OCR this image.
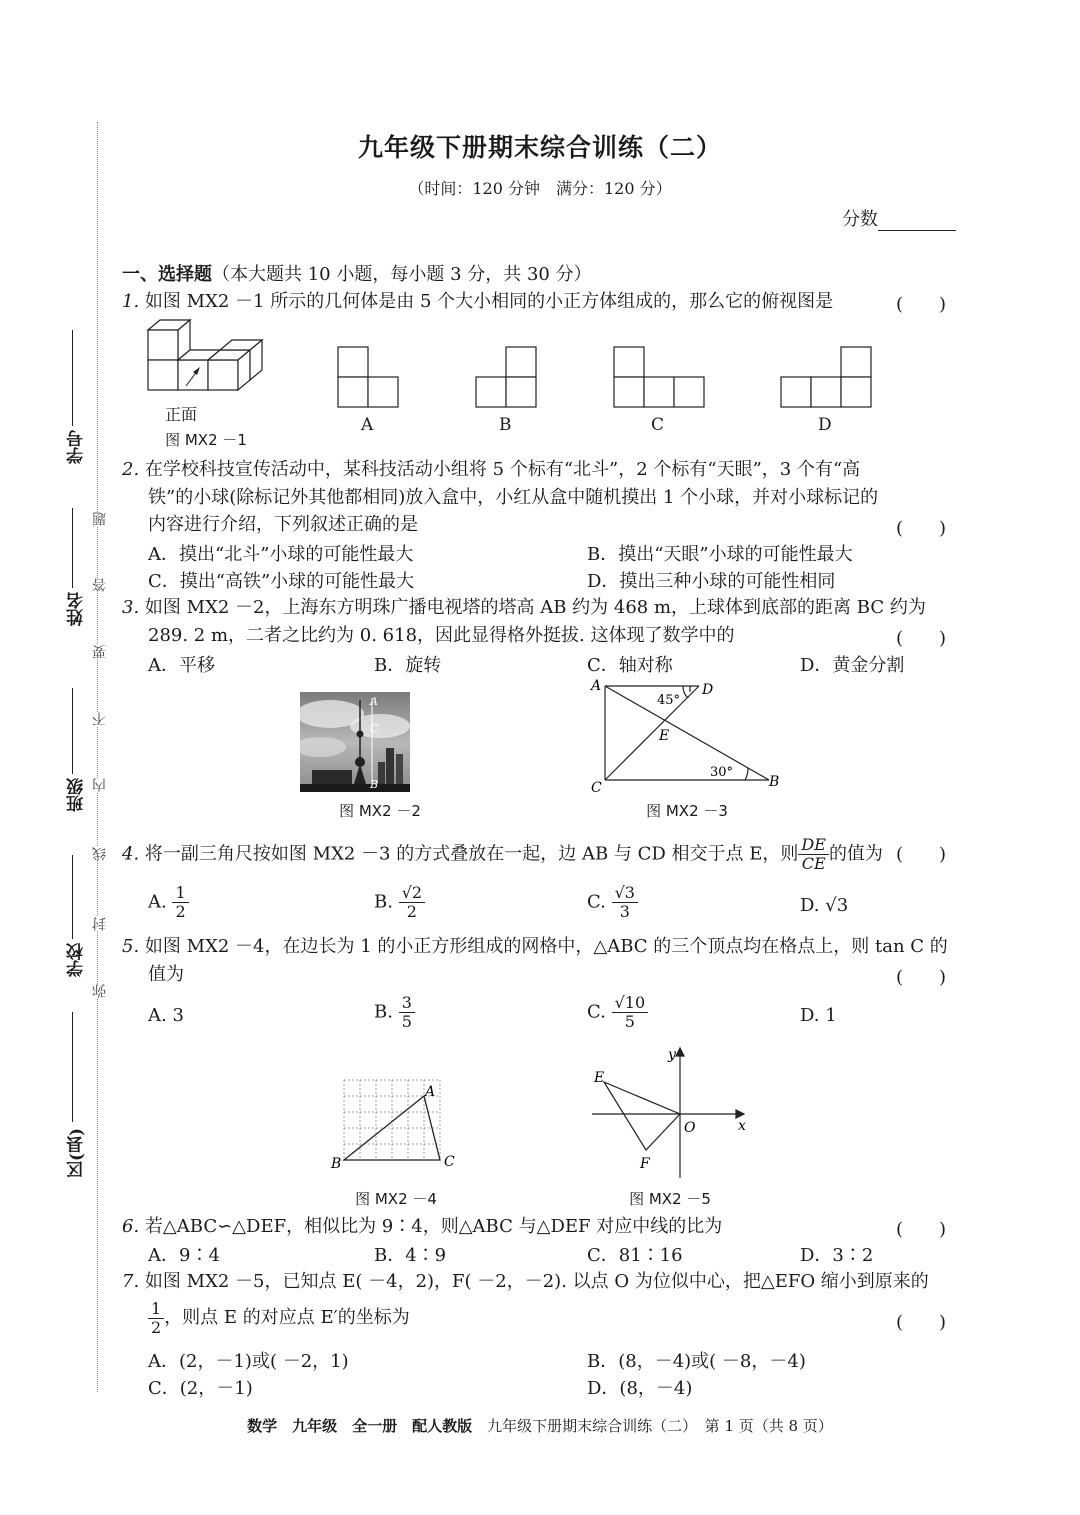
九年级下册期末综合训练（二）
（时间：120 分钟　满分：120 分）
分数
学号
姓名
班级
学校
区(县)
题
答
要
不
内
线
封
弥
一、选择题（本大题共 10 小题，每小题 3 分，共 30 分）
1. 如图 MX2 －1 所示的几何体是由 5 个大小相同的小正方体组成的，那么它的俯视图是	(　　)
正面
图 MX2 －1
A	B	C	D
2. 在学校科技宣传活动中，某科技活动小组将 5 个标有“北斗”，2 个标有“天眼”，3 个有“高
铁”的小球(除标记外其他都相同)放入盒中，小红从盒中随机摸出 1 个小球，并对小球标记的
内容进行介绍，下列叙述正确的是	(　　)
A．摸出“北斗”小球的可能性最大	B．摸出“天眼”小球的可能性最大
C．摸出“高铁”小球的可能性最大	D．摸出三种小球的可能性相同
3. 如图 MX2 －2，上海东方明珠广播电视塔的塔高 AB 约为 468 m，上球体到底部的距离 BC 约为
289. 2 m，二者之比约为 0. 618，因此显得格外挺拔. 这体现了数学中的	(　　)
A．平移	B．旋转	C．轴对称	D．黄金分割
A
C
B
图 MX2 －2
A	D
E
C	B
45°
30°
图 MX2 －3
4. 将一副三角尺按如图 MX2 －3 的方式叠放在一起，边 AB 与 CD 相交于点 E，则 $\frac{DE}{CE}$ 的值为 (　　)
A. $\frac{1}{2}$	B. $\frac{√2}{2}$	C. $\frac{√3}{3}$	D. √3
5. 如图 MX2 －4，在边长为 1 的小正方形组成的网格中，△ABC 的三个顶点均在格点上，则 tan C 的
值为	(　　)
A. 3	B. $\frac{3}{5}$	C. $\frac{√10}{5}$	D. 1
A
B	C
图 MX2 －4
y
x
E
O
F
图 MX2 －5
6. 若△ABC∽△DEF，相似比为 9∶4，则△ABC 与△DEF 对应中线的比为	(　　)
A．9∶4	B．4∶9	C．81∶16	D．3∶2
7. 如图 MX2 －5，已知点 E( －4，2)，F( －2，－2). 以点 O 为位似中心，把△EFO 缩小到原来的
$\frac{1}{2}$ ，则点 E 的对应点 E′的坐标为	(　　)
A．(2，－1)或( －2，1)	B．(8，－4)或( －8，－4)
C．(2，－1)	D．(8，－4)
数学　九年级　全一册　配人教版　九年级下册期末综合训练（二）　第 1 页（共 8 页）
